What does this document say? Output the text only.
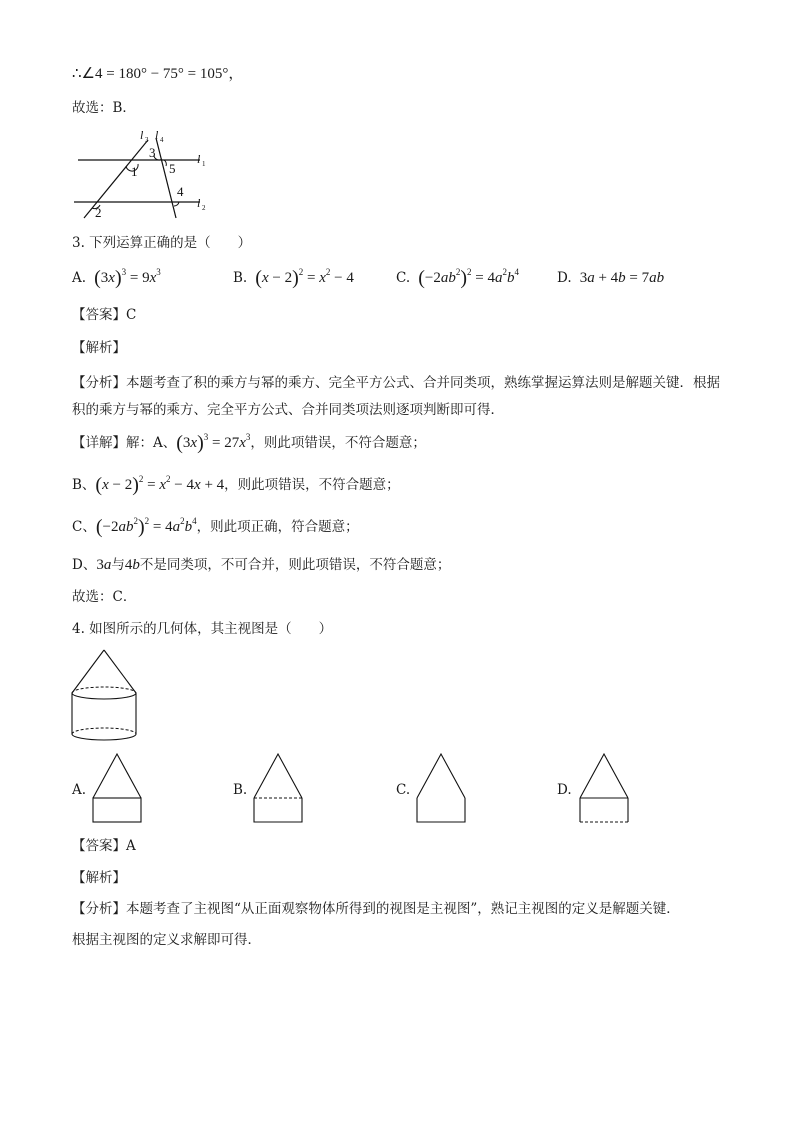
∴∠4 = 180° − 75° = 105°，
故选：B．
l 3 l 4
l 1
l 2
1
2
3
4
5
3. 下列运算正确的是（　　）
A. $(3x)^3 = 9x^3$	B. $(x - 2)^2 = x^2 - 4$	C. $(-2ab^2)^2 = 4a^2b^4$	D.  3a + 4b = 7ab
【答案】C
【解析】
【分析】本题考查了积的乘方与幂的乘方、完全平方公式、合并同类项，熟练掌握运算法则是解题关键．根据积的乘方与幂的乘方、完全平方公式、合并同类项法则逐项判断即可得．
【详解】解：A、$(3x)^3 = 27x^3$，则此项错误，不符合题意；
B、$(x - 2)^2 = x^2 - 4x + 4$，则此项错误，不符合题意；
C、$(-2ab^2)^2 = 4a^2b^4$，则此项正确，符合题意；
D、3a与4b不是同类项，不可合并，则此项错误，不符合题意；
故选：C．
4. 如图所示的几何体，其主视图是（　　）
A.	B.	C.	D.
【答案】A
【解析】
【分析】本题考查了主视图“从正面观察物体所得到的视图是主视图”，熟记主视图的定义是解题关键．
根据主视图的定义求解即可得．
